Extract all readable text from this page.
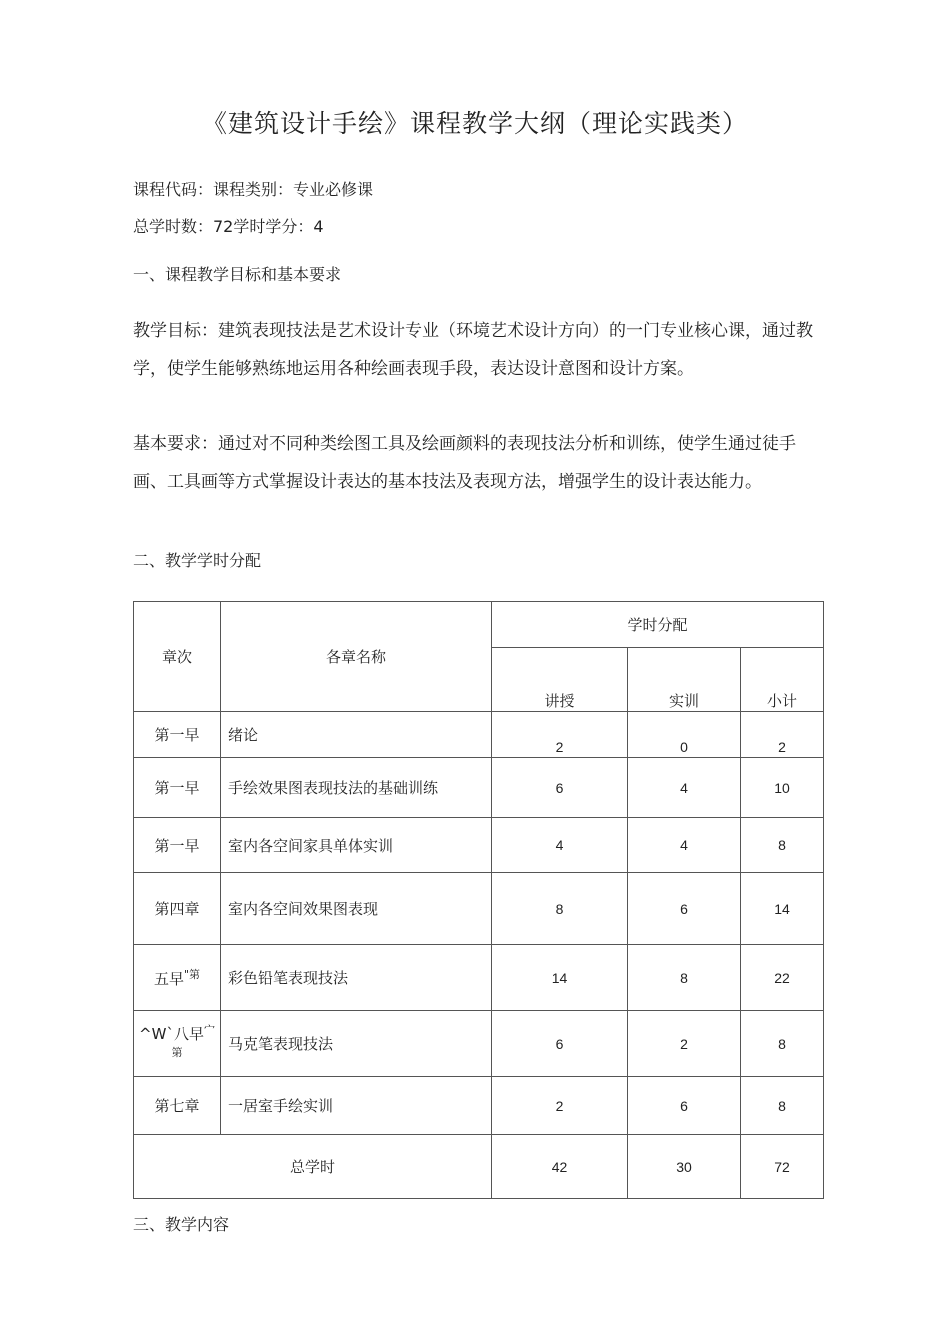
《建筑设计手绘》课程教学大纲（理论实践类）
课程代码：课程类别：专业必修课
总学时数：72学时学分：4
一、课程教学目标和基本要求
教学目标：建筑表现技法是艺术设计专业（环境艺术设计方向）的一门专业核心课，通过教学，使学生能够熟练地运用各种绘画表现手段，表达设计意图和设计方案。
基本要求：通过对不同种类绘图工具及绘画颜料的表现技法分析和训练，使学生通过徒手画、工具画等方式掌握设计表达的基本技法及表现方法，增强学生的设计表达能力。
二、教学学时分配
章次	各章名称	学时分配		
		讲授	实训	小计
第一早	绪论	2	0	2
第一早	手绘效果图表现技法的基础训练	6	4	10
第一早	室内各空间家具单体实训	4	4	8
第四章	室内各空间效果图表现	8	6	14
五早$^{"第}$	彩色铅笔表现技法	14	8	22
^W`八早$^{宀第}$	马克笔表现技法	6	2	8
第七章	一居室手绘实训	2	6	8
总学时		42	30	72
三、教学内容
